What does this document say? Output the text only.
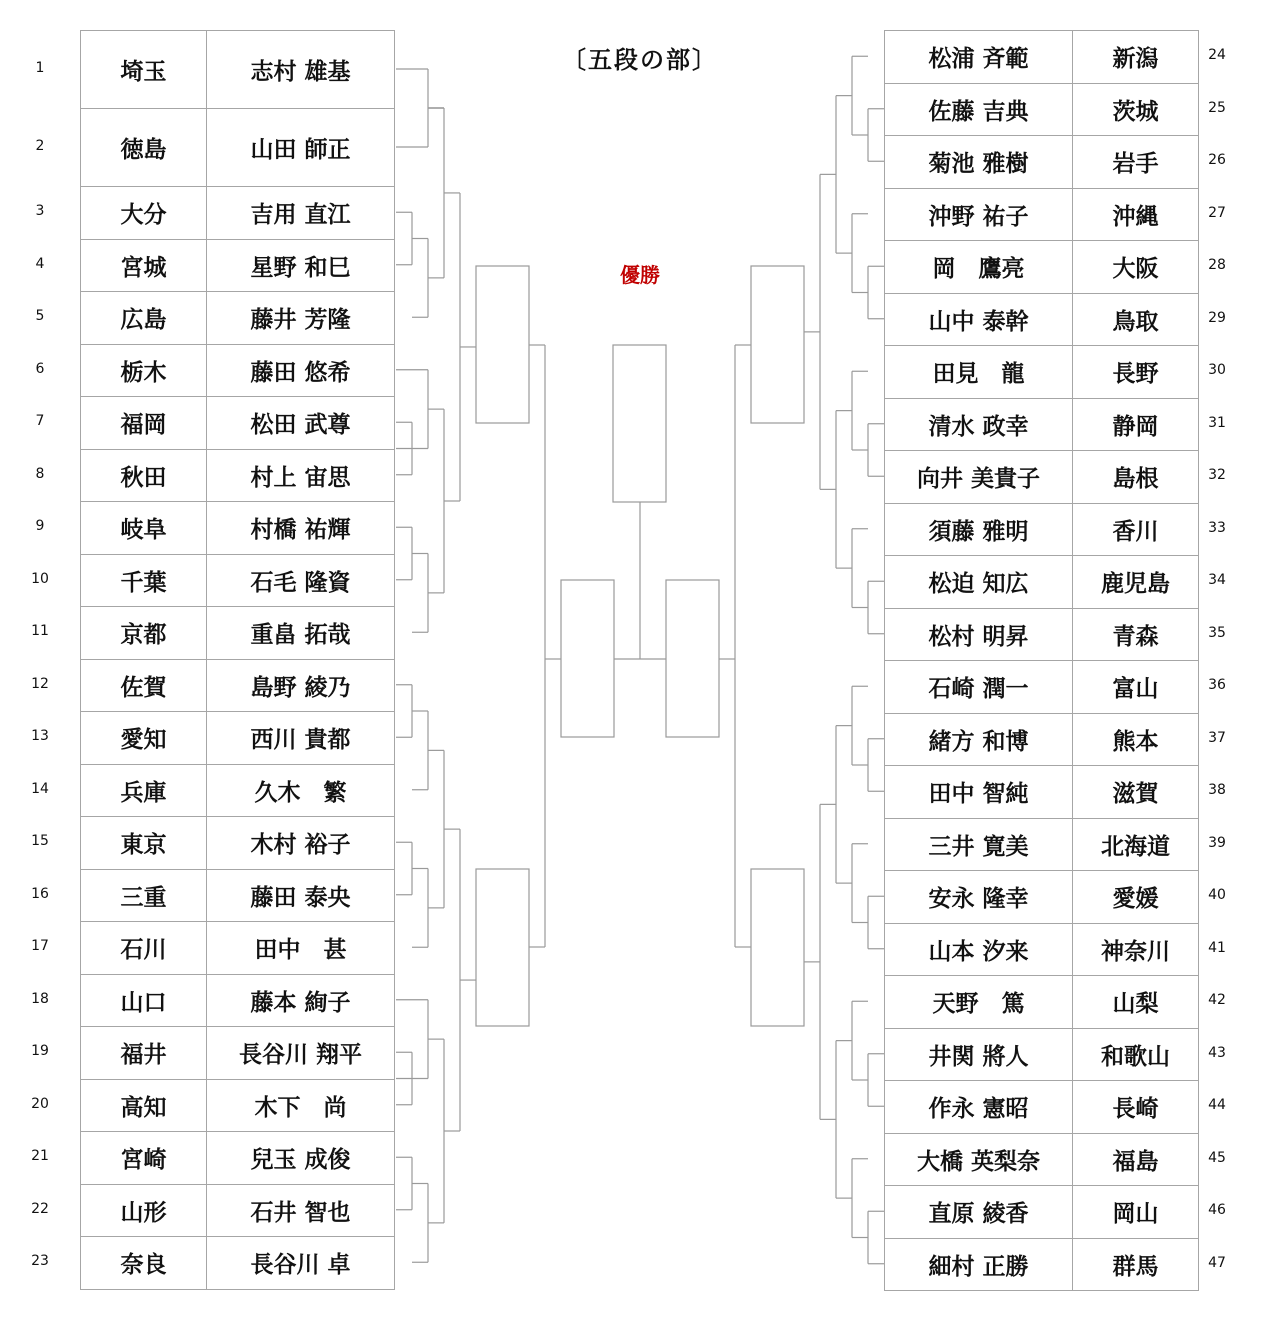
〔五段の部〕
優勝
埼玉	志村 雄基
1
徳島	山田 師正
2
大分	吉用 直江
3
宮城	星野 和巳
4
広島	藤井 芳隆
5
栃木	藤田 悠希
6
福岡	松田 武尊
7
秋田	村上 宙思
8
岐阜	村橋 祐輝
9
千葉	石毛 隆資
10
京都	重畠 拓哉
11
佐賀	島野 綾乃
12
愛知	西川 貴都
13
兵庫	久木　繁
14
東京	木村 裕子
15
三重	藤田 泰央
16
石川	田中　甚
17
山口	藤本 絢子
18
福井	長谷川 翔平
19
高知	木下　尚
20
宮崎	兒玉 成俊
21
山形	石井 智也
22
奈良	長谷川 卓
23
松浦 斉範	新潟	24
佐藤 吉典	茨城	25
菊池 雅樹	岩手	26
沖野 祐子	沖縄	27
岡　鷹亮	大阪	28
山中 泰幹	鳥取	29
田見　龍	長野	30
清水 政幸	静岡	31
向井 美貴子	島根	32
須藤 雅明	香川	33
松迫 知広	鹿児島	34
松村 明昇	青森	35
石崎 潤一	富山	36
緒方 和博	熊本	37
田中 智純	滋賀	38
三井 寛美	北海道	39
安永 隆幸	愛媛	40
山本 汐来	神奈川	41
天野　篤	山梨	42
井関 將人	和歌山	43
作永 憲昭	長崎	44
大橋 英梨奈	福島	45
直原 綾香	岡山	46
細村 正勝	群馬	47
